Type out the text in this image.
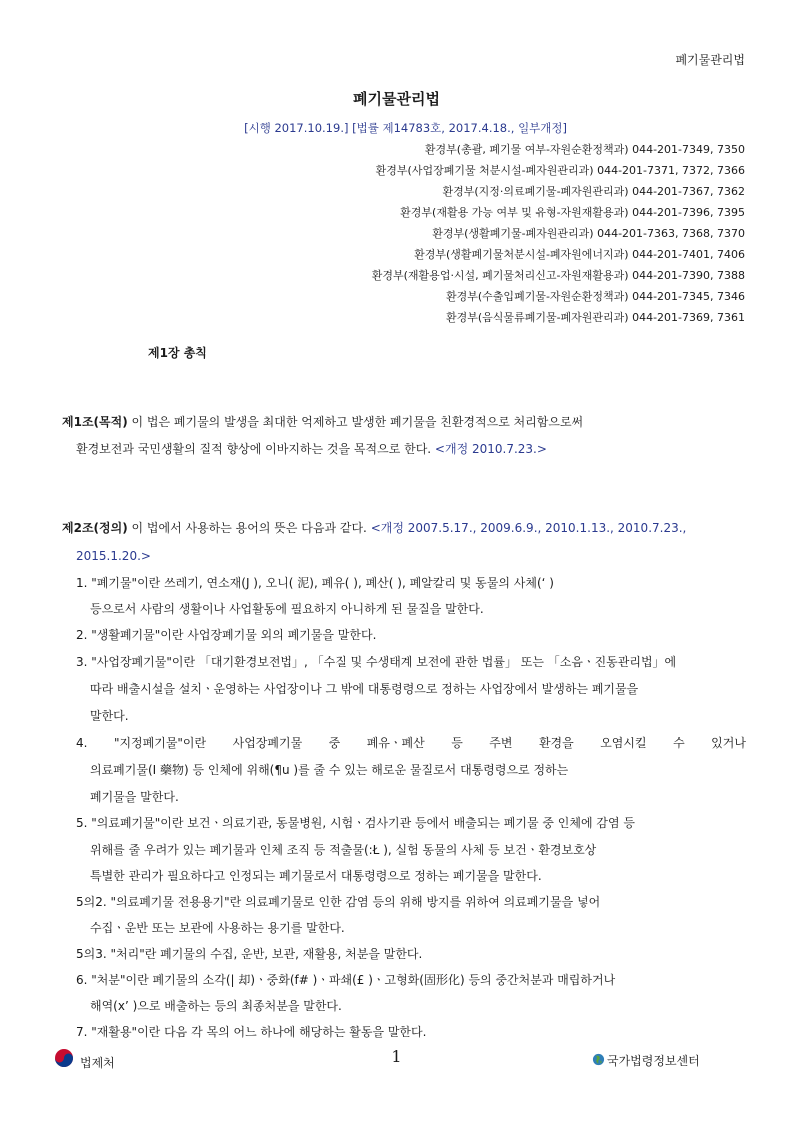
폐기물관리법
폐기물관리법
[시행 2017.10.19.] [법률 제14783호, 2017.4.18., 일부개정]
환경부(총괄, 폐기물 여부-자원순환정책과) 044-201-7349, 7350
환경부(사업장폐기물 처분시설-폐자원관리과) 044-201-7371, 7372, 7366
환경부(지정·의료폐기물-폐자원관리과) 044-201-7367, 7362
환경부(재활용 가능 여부 및 유형-자원재활용과) 044-201-7396, 7395
환경부(생활폐기물-폐자원관리과) 044-201-7363, 7368, 7370
환경부(생활폐기물처분시설-폐자원에너지과) 044-201-7401, 7406
환경부(재활용업·시설, 폐기물처리신고-자원재활용과) 044-201-7390, 7388
환경부(수출입폐기물-자원순환정책과) 044-201-7345, 7346
환경부(음식물류폐기물-폐자원관리과) 044-201-7369, 7361
제1장 총칙
제1조(목적) 이 법은 폐기물의 발생을 최대한 억제하고 발생한 폐기물을 친환경적으로 처리함으로써
환경보전과 국민생활의 질적 향상에 이바지하는 것을 목적으로 한다. <개정 2010.7.23.>
제2조(정의) 이 법에서 사용하는 용어의 뜻은 다음과 같다. <개정 2007.5.17., 2009.6.9., 2010.1.13., 2010.7.23.,
2015.1.20.>
1. "폐기물"이란 쓰레기, 연소재(J ), 오니( 泥), 폐유( ), 폐산( ), 폐알칼리 및 동물의 사체(‘ )
등으로서 사람의 생활이나 사업활동에 필요하지 아니하게 된 물질을 말한다.
2. "생활폐기물"이란 사업장폐기물 외의 폐기물을 말한다.
3. "사업장폐기물"이란 「대기환경보전법」, 「수질 및 수생태계 보전에 관한 법률」 또는 「소음ㆍ진동관리법」에
따라 배출시설을 설치ㆍ운영하는 사업장이나 그 밖에 대통령령으로 정하는 사업장에서 발생하는 폐기물을
말한다.
4. "지정폐기물"이란 사업장폐기물 중 폐유ㆍ폐산 등 주변 환경을 오염시킬 수 있거나
의료폐기물(I 藥物) 등 인체에 위해(¶u )를 줄 수 있는 해로운 물질로서 대통령령으로 정하는
폐기물을 말한다.
5. "의료폐기물"이란 보건ㆍ의료기관, 동물병원, 시험ㆍ검사기관 등에서 배출되는 폐기물 중 인체에 감염 등
위해를 줄 우려가 있는 폐기물과 인체 조직 등 적출물(:Ł ), 실험 동물의 사체 등 보건ㆍ환경보호상
특별한 관리가 필요하다고 인정되는 폐기물로서 대통령령으로 정하는 폐기물을 말한다.
5의2. "의료폐기물 전용용기"란 의료폐기물로 인한 감염 등의 위해 방지를 위하여 의료폐기물을 넣어
수집ㆍ운반 또는 보관에 사용하는 용기를 말한다.
5의3. "처리"란 폐기물의 수집, 운반, 보관, 재활용, 처분을 말한다.
6. "처분"이란 폐기물의 소각(| 却)ㆍ중화(f# )ㆍ파쇄(£ )ㆍ고형화(固形化) 등의 중간처분과 매립하거나
해역(x’ )으로 배출하는 등의 최종처분을 말한다.
7. "재활용"이란 다음 각 목의 어느 하나에 해당하는 활동을 말한다.
법제처	1	국가법령정보센터
